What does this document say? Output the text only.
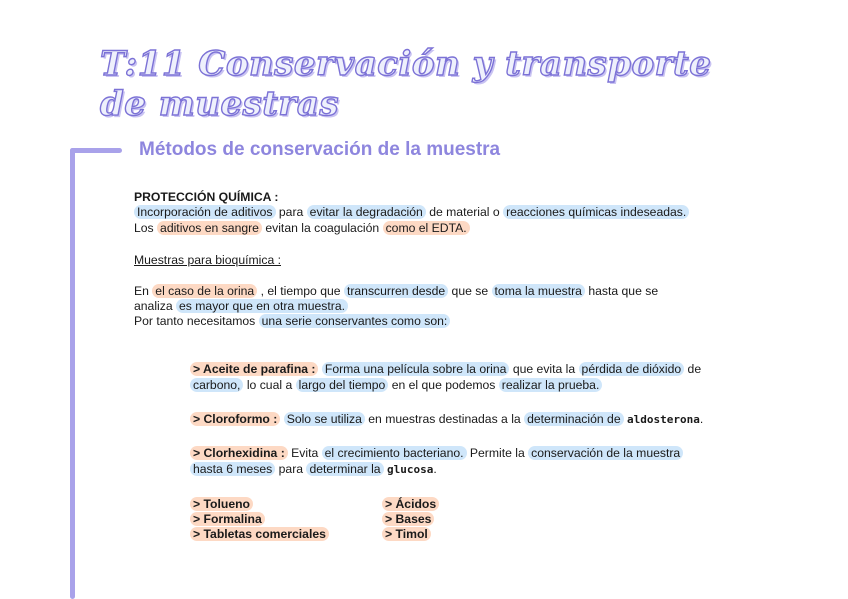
T:11 Conservación y transporte de muestras
Métodos de conservación de la muestra
PROTECCIÓN QUÍMICA :
Incorporación de aditivos para evitar la degradación de material o reacciones químicas indeseadas.
Los aditivos en sangre evitan la coagulación como el EDTA.
Muestras para bioquímica :
En el caso de la orina , el tiempo que transcurren desde que se toma la muestra hasta que se
analiza es mayor que en otra muestra.
Por tanto necesitamos una serie conservantes como son:
> Aceite de parafina : Forma una película sobre la orina que evita la pérdida de dióxido de
carbono, lo cual a largo del tiempo en el que podemos realizar la prueba.
> Cloroformo : Solo se utiliza en muestras destinadas a la determinación de aldosterona.
> Clorhexidina : Evita el crecimiento bacteriano. Permite la conservación de la muestra
hasta 6 meses para determinar la glucosa.
> Tolueno
> Formalina
> Tabletas comerciales
> Ácidos
> Bases
> Timol
